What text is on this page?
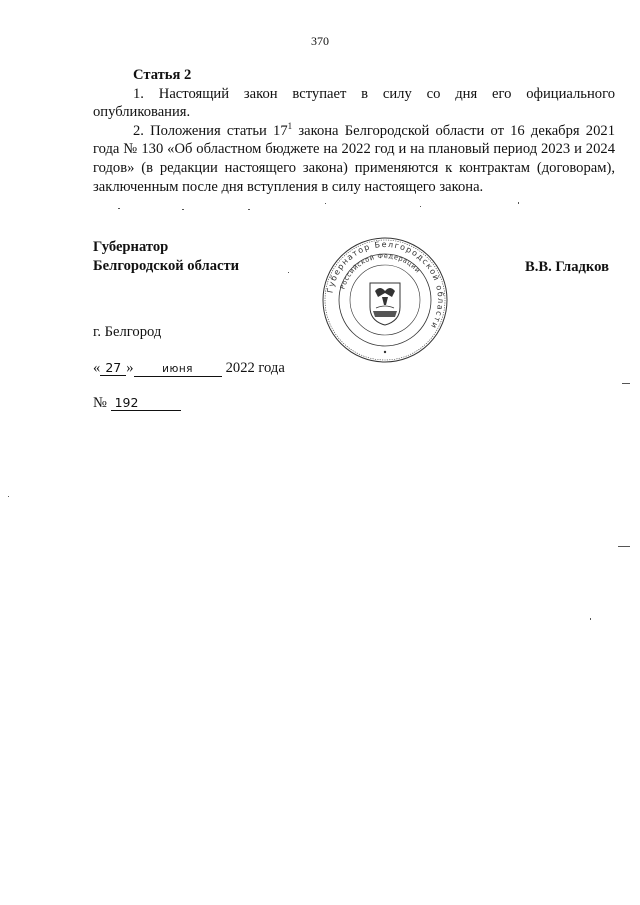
370

Статья 2

1. Настоящий закон вступает в силу со дня его официального опубликования.

2. Положения статьи $17^1$ закона Белгородской области от 16 декабря 2021 года № 130 «Об областном бюджете на 2022 год и на плановый период 2023 и 2024 годов» (в редакции настоящего закона) применяются к контрактам (договорам), заключенным после дня вступления в силу настоящего закона.

Губернатор
Белгородской области	В.В. Гладков
Губернатор Белгородской области
Российской Федерации
г. Белгород
« 27 »	июня 2022 года
№ 192
